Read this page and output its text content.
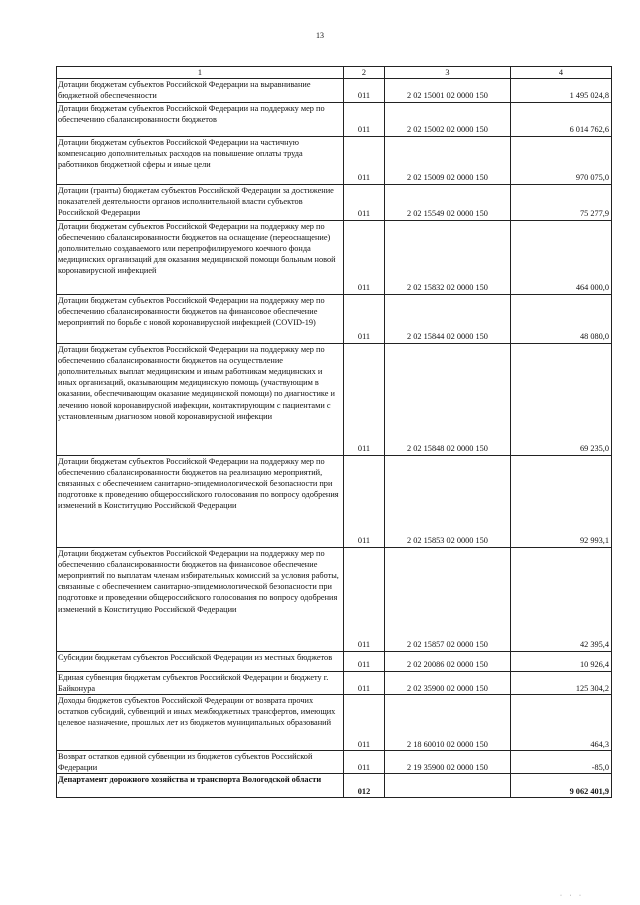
13
1	2	3	4
Дотации бюджетам субъектов Российской Федерации на выравнивание бюджетной обеспеченности	011	2 02 15001 02 0000 150	1 495 024,8
Дотации бюджетам субъектов Российской Федерации на поддержку мер по обеспечению сбалансированности бюджетов	011	2 02 15002 02 0000 150	6 014 762,6
Дотации бюджетам субъектов Российской Федерации на частичную компенсацию дополнительных расходов на повышение оплаты труда работников бюджетной сферы и иные цели	011	2 02 15009 02 0000 150	970 075,0
Дотации (гранты) бюджетам субъектов Российской Федерации за достижение показателей деятельности органов исполнительной власти субъектов Российской Федерации	011	2 02 15549 02 0000 150	75 277,9
Дотации бюджетам субъектов Российской Федерации на поддержку мер по обеспечению сбалансированности бюджетов на оснащение (переоснащение) дополнительно создаваемого или перепрофилируемого коечного фонда медицинских организаций для оказания медицинской помощи больным новой коронавирусной инфекцией	011	2 02 15832 02 0000 150	464 000,0
Дотации бюджетам субъектов Российской Федерации на поддержку мер по обеспечению сбалансированности бюджетов на финансовое обеспечение мероприятий по борьбе с новой коронавирусной инфекцией (COVID-19)	011	2 02 15844 02 0000 150	48 080,0
Дотации бюджетам субъектов Российской Федерации на поддержку мер по обеспечению сбалансированности бюджетов на осуществление дополнительных выплат медицинским и иным работникам медицинских и иных организаций, оказывающим медицинскую помощь (участвующим в оказании, обеспечивающим оказание медицинской помощи) по диагностике и лечению новой коронавирусной инфекции, контактирующим с пациентами с установленным диагнозом новой коронавирусной инфекции	011	2 02 15848 02 0000 150	69 235,0
Дотации бюджетам субъектов Российской Федерации на поддержку мер по обеспечению сбалансированности бюджетов на реализацию мероприятий, связанных с обеспечением санитарно-эпидемиологической безопасности при подготовке к проведению общероссийского голосования по вопросу одобрения изменений в Конституцию Российской Федерации	011	2 02 15853 02 0000 150	92 993,1
Дотации бюджетам субъектов Российской Федерации на поддержку мер по обеспечению сбалансированности бюджетов на финансовое обеспечение мероприятий по выплатам членам избирательных комиссий за условия работы, связанные с обеспечением санитарно-эпидемиологической безопасности при подготовке и проведении общероссийского голосования по вопросу одобрения изменений в Конституцию Российской Федерации	011	2 02 15857 02 0000 150	42 395,4
Субсидии бюджетам субъектов Российской Федерации из местных бюджетов	011	2 02 20086 02 0000 150	10 926,4
Единая субвенция бюджетам субъектов Российской Федерации и бюджету г. Байконура	011	2 02 35900 02 0000 150	125 304,2
Доходы бюджетов субъектов Российской Федерации от возврата прочих остатков субсидий, субвенций и иных межбюджетных трансфертов, имеющих целевое назначение, прошлых лет из бюджетов муниципальных образований	011	2 18 60010 02 0000 150	464,3
Возврат остатков единой субвенции из бюджетов субъектов Российской Федерации	011	2 19 35900 02 0000 150	-85,0
Департамент дорожного хозяйства и транспорта Вологодской области	012		9 062 401,9
· · ·
